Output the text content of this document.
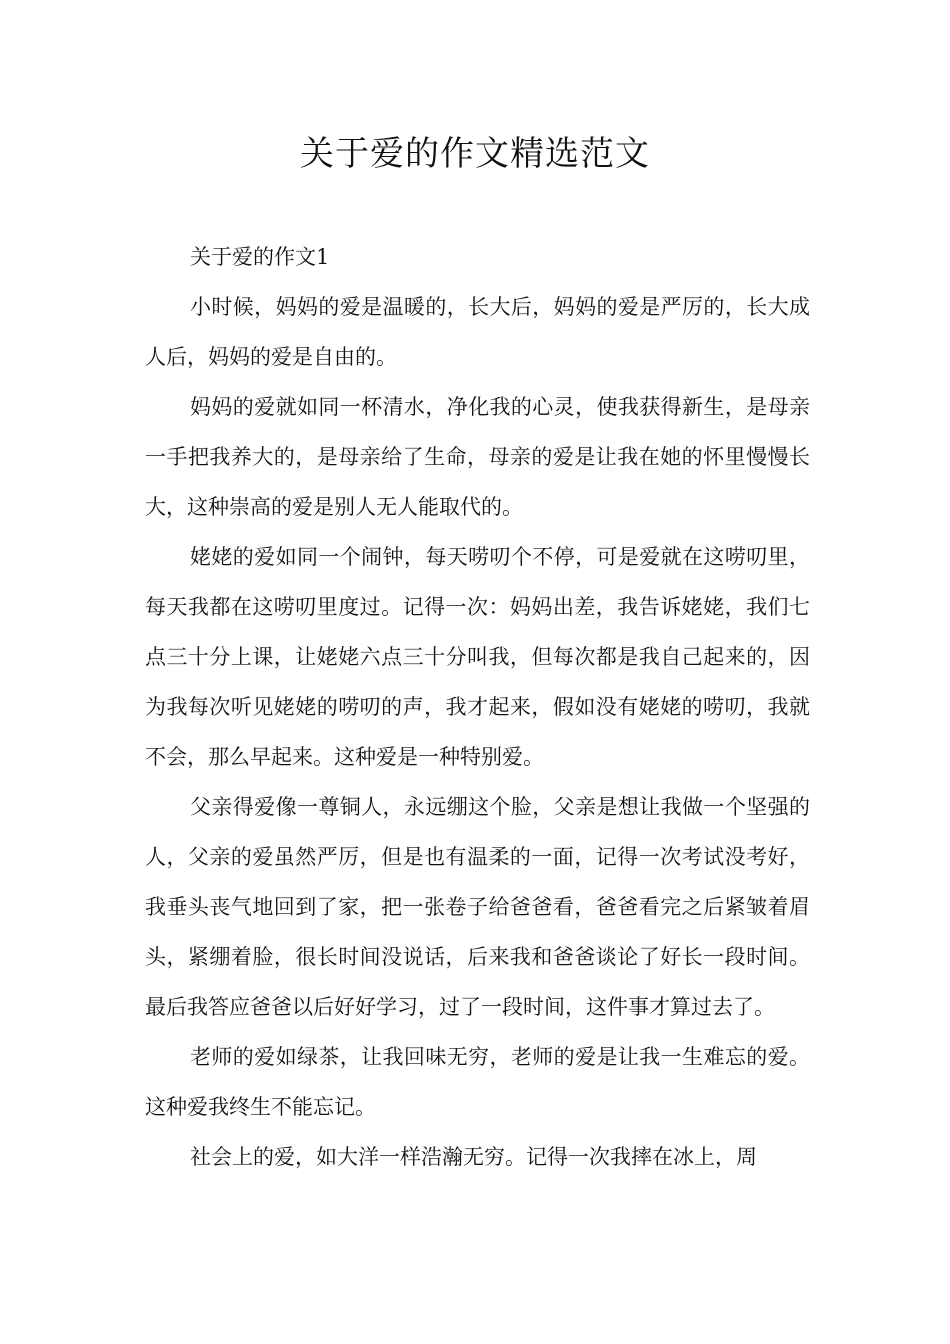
关于爱的作文精选范文

关于爱的作文1

小时候，妈妈的爱是温暖的，长大后，妈妈的爱是严厉的，长大成人后，妈妈的爱是自由的。

妈妈的爱就如同一杯清水，净化我的心灵，使我获得新生，是母亲一手把我养大的，是母亲给了生命，母亲的爱是让我在她的怀里慢慢长大，这种崇高的爱是别人无人能取代的。

姥姥的爱如同一个闹钟，每天唠叨个不停，可是爱就在这唠叨里，每天我都在这唠叨里度过。记得一次：妈妈出差，我告诉姥姥，我们七点三十分上课，让姥姥六点三十分叫我，但每次都是我自己起来的，因为我每次听见姥姥的唠叨的声，我才起来，假如没有姥姥的唠叨，我就不会，那么早起来。这种爱是一种特别爱。

父亲得爱像一尊铜人，永远绷这个脸，父亲是想让我做一个坚强的人，父亲的爱虽然严厉，但是也有温柔的一面，记得一次考试没考好，我垂头丧气地回到了家，把一张卷子给爸爸看，爸爸看完之后紧皱着眉头，紧绷着脸，很长时间没说话，后来我和爸爸谈论了好长一段时间。最后我答应爸爸以后好好学习，过了一段时间，这件事才算过去了。

老师的爱如绿茶，让我回味无穷，老师的爱是让我一生难忘的爱。这种爱我终生不能忘记。

社会上的爱，如大洋一样浩瀚无穷。记得一次我摔在冰上，周
